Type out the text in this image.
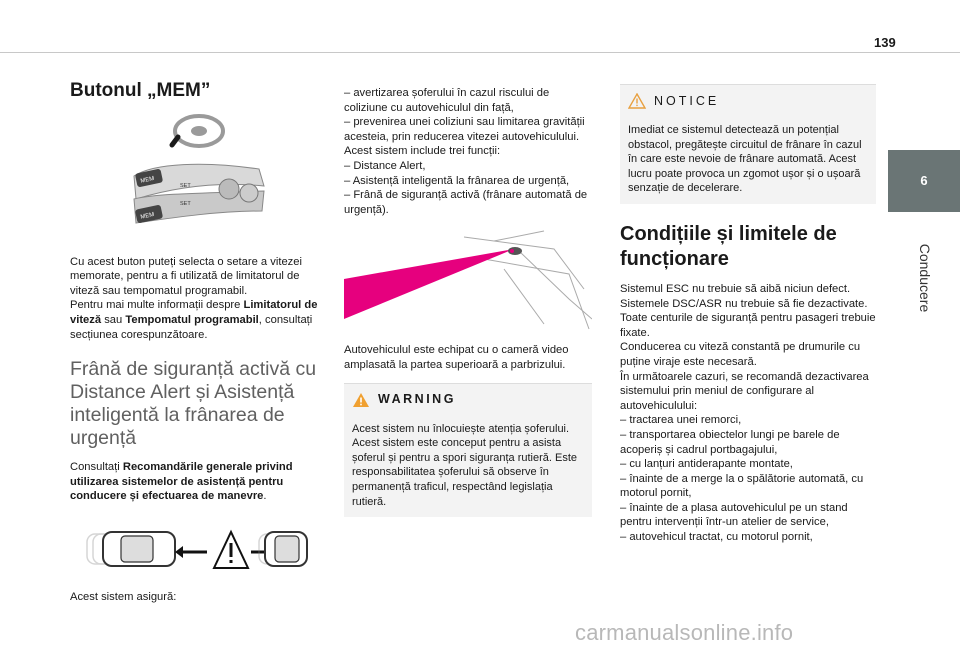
139
6
Conducere
Butonul „MEM”
MEM
MEM
SET
SET

Cu acest buton puteți selecta o setare a vitezei memorate, pentru a fi utilizată de limitatorul de viteză sau tempomatul programabil.

Pentru mai multe informații despre Limitatorul de viteză sau Tempomatul programabil, consultați secțiunea corespunzătoare.

Frână de siguranță activă cu Distance Alert și Asistență inteligentă la frânarea de urgență

Consultați Recomandările generale privind utilizarea sistemelor de asistență pentru conducere și efectuarea de manevre.

Acest sistem asigură:

– avertizarea șoferului în cazul riscului de coliziune cu autovehiculul din față,

– prevenirea unei coliziuni sau limitarea gravității acesteia, prin reducerea vitezei autovehiculului.

Acest sistem include trei funcții:

– Distance Alert,

– Asistență inteligentă la frânarea de urgență,

– Frână de siguranță activă (frânare automată de urgență).

Autovehiculul este echipat cu o cameră video amplasată la partea superioară a parbrizului.

WARNING

Acest sistem nu înlocuiește atenția șoferului. Acest sistem este conceput pentru a asista șoferul și pentru a spori siguranța rutieră. Este responsabilitatea șoferului să observe în permanență traficul, respectând legislația rutieră.

NOTICE

Imediat ce sistemul detectează un potențial obstacol, pregătește circuitul de frânare în cazul în care este nevoie de frânare automată. Acest lucru poate provoca un zgomot ușor și o ușoară senzație de decelerare.

Condițiile și limitele de funcționare

Sistemul ESC nu trebuie să aibă niciun defect.

Sistemele DSC/ASR nu trebuie să fie dezactivate.

Toate centurile de siguranță pentru pasageri trebuie fixate.

Conducerea cu viteză constantă pe drumurile cu puține viraje este necesară.

În următoarele cazuri, se recomandă dezactivarea sistemului prin meniul de configurare al autovehiculului:

– tractarea unei remorci,

– transportarea obiectelor lungi pe barele de acoperiș și cadrul portbagajului,

– cu lanțuri antiderapante montate,

– înainte de a merge la o spălătorie automată, cu motorul pornit,

– înainte de a plasa autovehiculul pe un stand pentru intervenții într-un atelier de service,

– autovehicul tractat, cu motorul pornit,

carmanualsonline.info
